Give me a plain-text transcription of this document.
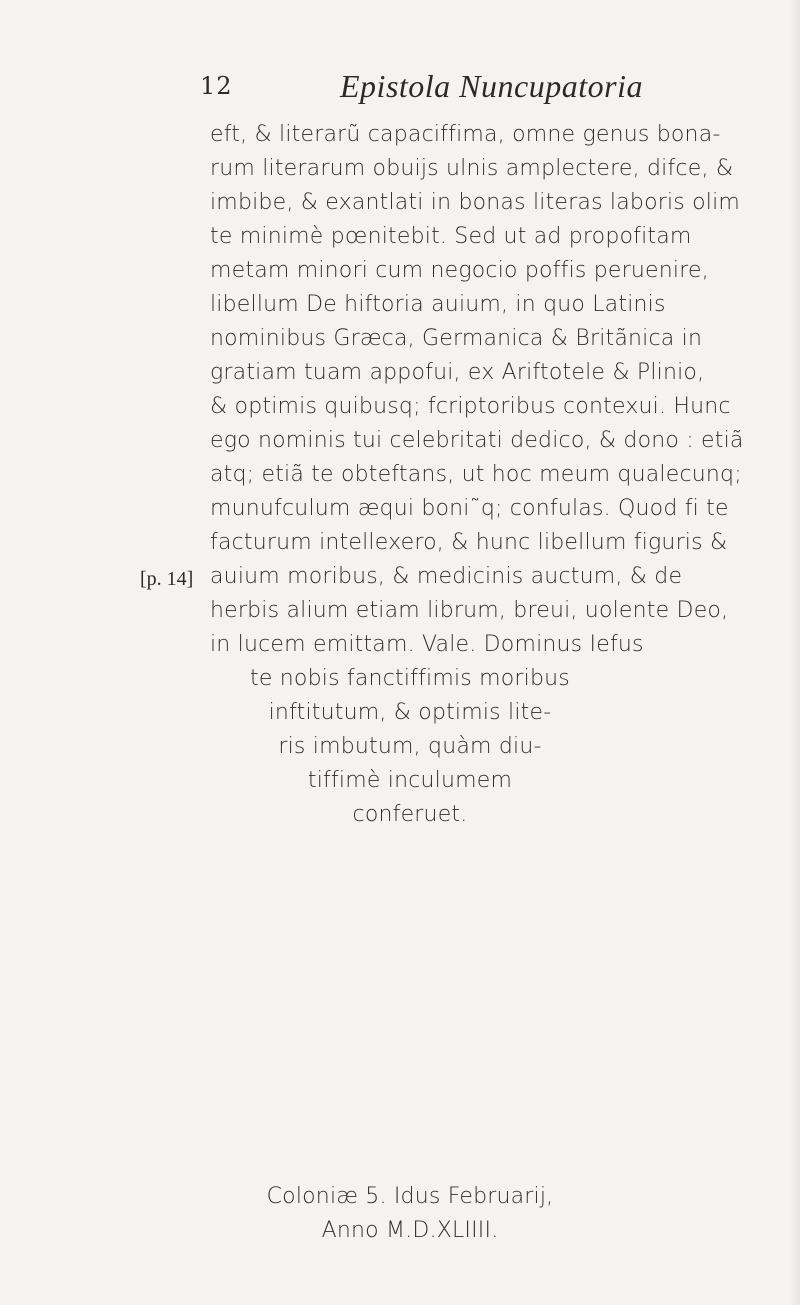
12	Epistola Nuncupatoria
[p. 14]
eft, & literarũ capaciffima, omne genus bona-
rum literarum obuijs ulnis amplectere, difce, &
imbibe, & exantlati in bonas literas laboris olim
te minimè pœnitebit. Sed ut ad propofitam
metam minori cum negocio poffis peruenire,
libellum De hiftoria auium, in quo Latinis
nominibus Græca, Germanica & Britãnica in
gratiam tuam appofui, ex Ariftotele & Plinio,
& optimis quibusq; fcriptoribus contexui. Hunc
ego nominis tui celebritati dedico, & dono : etiã
atq; etiã te obteftans, ut hoc meum qualecunq;
munufculum æqui boni˜q; confulas. Quod fi te
facturum intellexero, & hunc libellum figuris &
auium moribus, & medicinis auctum, & de
herbis alium etiam librum, breui, uolente Deo,
in lucem emittam. Vale. Dominus Iefus
te nobis fanctiffimis moribus
inftitutum, & optimis lite-
ris imbutum, quàm diu-
tiffimè inculumem
conferuet.
Coloniæ 5. Idus Februarij,
Anno M.D.XLIIII.
